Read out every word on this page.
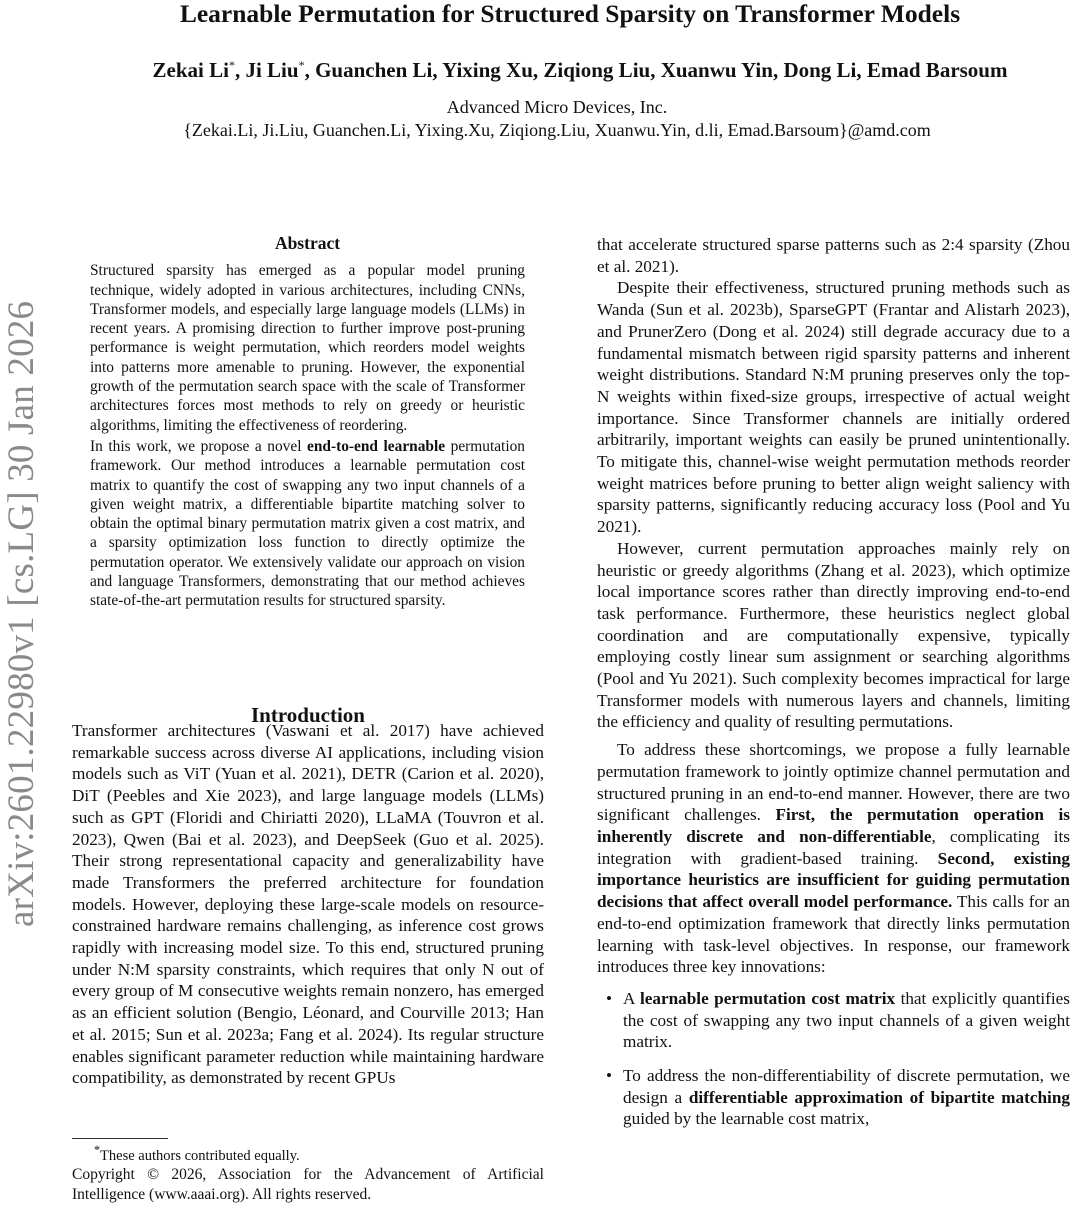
Learnable Permutation for Structured Sparsity on Transformer Models
Zekai Li*, Ji Liu*, Guanchen Li, Yixing Xu, Ziqiong Liu, Xuanwu Yin, Dong Li, Emad Barsoum
Advanced Micro Devices, Inc.
{Zekai.Li, Ji.Liu, Guanchen.Li, Yixing.Xu, Ziqiong.Liu, Xuanwu.Yin, d.li, Emad.Barsoum}@amd.com
arXiv:2601.22980v1 [cs.LG] 30 Jan 2026
Abstract

Structured sparsity has emerged as a popular model pruning technique, widely adopted in various architectures, including CNNs, Transformer models, and especially large language models (LLMs) in recent years. A promising direction to further improve post-pruning performance is weight permutation, which reorders model weights into patterns more amenable to pruning. However, the exponential growth of the permutation search space with the scale of Transformer architectures forces most methods to rely on greedy or heuristic algorithms, limiting the effectiveness of reordering.

In this work, we propose a novel end-to-end learnable permutation framework. Our method introduces a learnable permutation cost matrix to quantify the cost of swapping any two input channels of a given weight matrix, a differentiable bipartite matching solver to obtain the optimal binary permutation matrix given a cost matrix, and a sparsity optimization loss function to directly optimize the permutation operator. We extensively validate our approach on vision and language Transformers, demonstrating that our method achieves state-of-the-art permutation results for structured sparsity.

Introduction

Transformer architectures (Vaswani et al. 2017) have achieved remarkable success across diverse AI applications, including vision models such as ViT (Yuan et al. 2021), DETR (Carion et al. 2020), DiT (Peebles and Xie 2023), and large language models (LLMs) such as GPT (Floridi and Chiriatti 2020), LLaMA (Touvron et al. 2023), Qwen (Bai et al. 2023), and DeepSeek (Guo et al. 2025). Their strong representational capacity and generalizability have made Transformers the preferred architecture for foundation models. However, deploying these large-scale models on resource-constrained hardware remains challenging, as inference cost grows rapidly with increasing model size. To this end, structured pruning under N:M sparsity constraints, which requires that only N out of every group of M consecutive weights remain nonzero, has emerged as an efficient solution (Bengio, Léonard, and Courville 2013; Han et al. 2015; Sun et al. 2023a; Fang et al. 2024). Its regular structure enables significant parameter reduction while maintaining hardware compatibility, as demonstrated by recent GPUs

that accelerate structured sparse patterns such as 2:4 sparsity (Zhou et al. 2021).

Despite their effectiveness, structured pruning methods such as Wanda (Sun et al. 2023b), SparseGPT (Frantar and Alistarh 2023), and PrunerZero (Dong et al. 2024) still degrade accuracy due to a fundamental mismatch between rigid sparsity patterns and inherent weight distributions. Standard N:M pruning preserves only the top-N weights within fixed-size groups, irrespective of actual weight importance. Since Transformer channels are initially ordered arbitrarily, important weights can easily be pruned unintentionally. To mitigate this, channel-wise weight permutation methods reorder weight matrices before pruning to better align weight saliency with sparsity patterns, significantly reducing accuracy loss (Pool and Yu 2021).

However, current permutation approaches mainly rely on heuristic or greedy algorithms (Zhang et al. 2023), which optimize local importance scores rather than directly improving end-to-end task performance. Furthermore, these heuristics neglect global coordination and are computationally expensive, typically employing costly linear sum assignment or searching algorithms (Pool and Yu 2021). Such complexity becomes impractical for large Transformer models with numerous layers and channels, limiting the efficiency and quality of resulting permutations.

To address these shortcomings, we propose a fully learnable permutation framework to jointly optimize channel permutation and structured pruning in an end-to-end manner. However, there are two significant challenges. First, the permutation operation is inherently discrete and non-differentiable, complicating its integration with gradient-based training. Second, existing importance heuristics are insufficient for guiding permutation decisions that affect overall model performance. This calls for an end-to-end optimization framework that directly links permutation learning with task-level objectives. In response, our framework introduces three key innovations:

• A learnable permutation cost matrix that explicitly quantifies the cost of swapping any two input channels of a given weight matrix.
• To address the non-differentiability of discrete permutation, we design a differentiable approximation of bipartite matching guided by the learnable cost matrix,

*These authors contributed equally.

Copyright © 2026, Association for the Advancement of Artificial Intelligence (www.aaai.org). All rights reserved.
